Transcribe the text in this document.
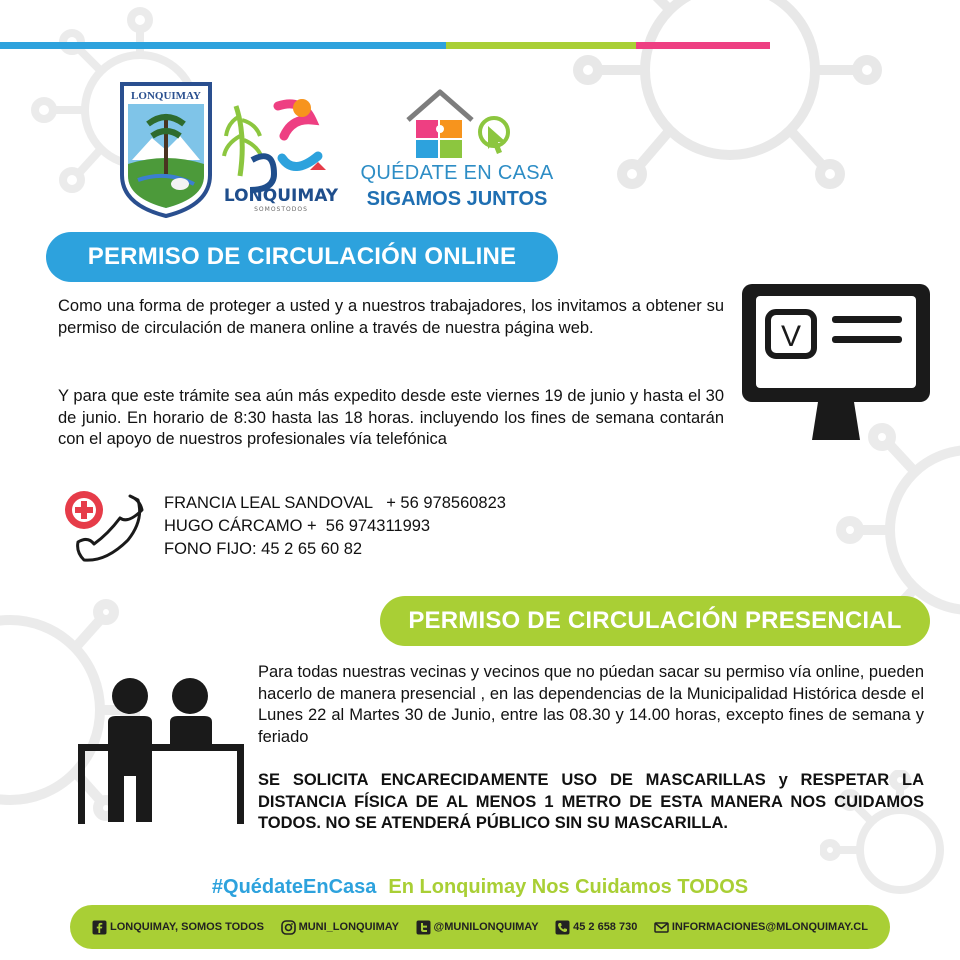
LONQUIMAY
LONQUIMAY
SOMOSTODOS
QUÉDATE EN CASA
SIGAMOS JUNTOS
PERMISO DE CIRCULACIÓN ONLINE
Como una forma de proteger a usted y a nuestros trabajadores, los invitamos a obtener su permiso de circulación de manera online a través de nuestra página web.
Y para que este trámite sea aún más expedito desde este viernes 19 de junio y hasta el 30 de junio. En horario de 8:30 hasta las 18 horas. incluyendo los fines de semana contarán con el apoyo de nuestros profesionales vía telefónica
V
FRANCIA LEAL SANDOVAL   + 56 978560823
HUGO CÁRCAMO +  56 974311993
FONO FIJO: 45 2 65 60 82
PERMISO DE CIRCULACIÓN PRESENCIAL
Para todas nuestras vecinas y vecinos que no púedan sacar su permiso vía online, pueden hacerlo de manera presencial , en las dependencias de la Municipalidad Histórica desde el Lunes 22 al Martes 30 de Junio, entre las 08.30 y 14.00 horas, excepto fines de semana y feriado
SE SOLICITA ENCARECIDAMENTE USO DE MASCARILLAS y RESPETAR LA DISTANCIA FÍSICA DE AL MENOS 1 METRO DE ESTA MANERA NOS CUIDAMOS TODOS. NO SE ATENDERÁ PÚBLICO SIN SU MASCARILLA.
#QuédateEnCasa En Lonquimay Nos Cuidamos TODOS
LONQUIMAY, SOMOS TODOS	MUNI_LONQUIMAY	@MUNILONQUIMAY	45 2 658 730	INFORMACIONES@MLONQUIMAY.CL
